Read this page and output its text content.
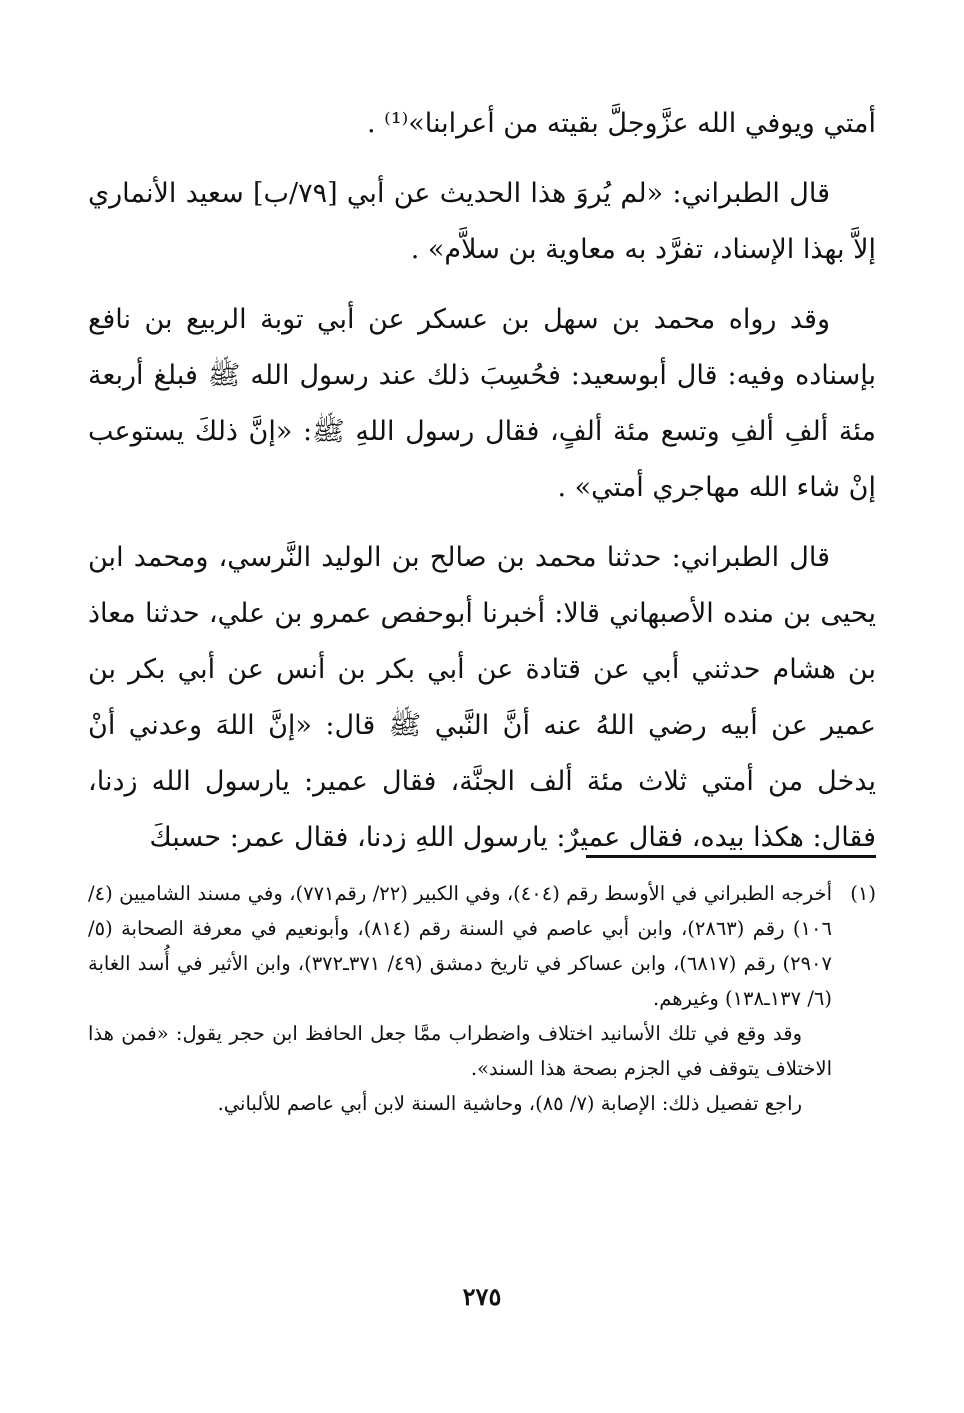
أمتي ويوفي الله عزَّوجلَّ بقيته من أعرابنا»⁽¹⁾ .

قال الطبراني: «لم يُروَ هذا الحديث عن أبي [٧٩/ب] سعيد الأنماري إلاَّ بهذا الإسناد، تفرَّد به معاوية بن سلاَّم» .

وقد رواه محمد بن سهل بن عسكر عن أبي توبة الربيع بن نافع بإسناده وفيه: قال أبوسعيد: فحُسِبَ ذلك عند رسول الله ﷺ فبلغ أربعة مئة ألفِ ألفِ وتسع مئة ألفٍ، فقال رسول اللهِ ﷺ: «إنَّ ذلكَ يستوعب إنْ شاء الله مهاجري أمتي» .

قال الطبراني: حدثنا محمد بن صالح بن الوليد النَّرسي، ومحمد ابن يحيى بن منده الأصبهاني قالا: أخبرنا أبوحفص عمرو بن علي، حدثنا معاذ بن هشام حدثني أبي عن قتادة عن أبي بكر بن أنس عن أبي بكر بن عمير عن أبيه رضي اللهُ عنه أنَّ النَّبي ﷺ قال: «إنَّ اللهَ وعدني أنْ يدخل من أمتي ثلاث مئة ألف الجنَّة، فقال عمير: يارسول الله زدنا، فقال: هكذا بيده، فقال عميرٌ: يارسول اللهِ زدنا، فقال عمر: حسبكَ

(١)

أخرجه الطبراني في الأوسط رقم (٤٠٤)، وفي الكبير (٢٢/ رقم٧٧١)، وفي مسند الشاميين (٤/ ١٠٦) رقم (٢٨٦٣)، وابن أبي عاصم في السنة رقم (٨١٤)، وأبونعيم في معرفة الصحابة (٥/ ٢٩٠٧) رقم (٦٨١٧)، وابن عساكر في تاريخ دمشق (٤٩/ ٣٧١ـ٣٧٢)، وابن الأثير في أُسد الغابة (٦/ ١٣٧ـ١٣٨) وغيرهم.

وقد وقع في تلك الأسانيد اختلاف واضطراب ممَّا جعل الحافظ ابن حجر يقول: «فمن هذا الاختلاف يتوقف في الجزم بصحة هذا السند».

راجع تفصيل ذلك: الإصابة (٧/ ٨٥)، وحاشية السنة لابن أبي عاصم للألباني.

٢٧٥
